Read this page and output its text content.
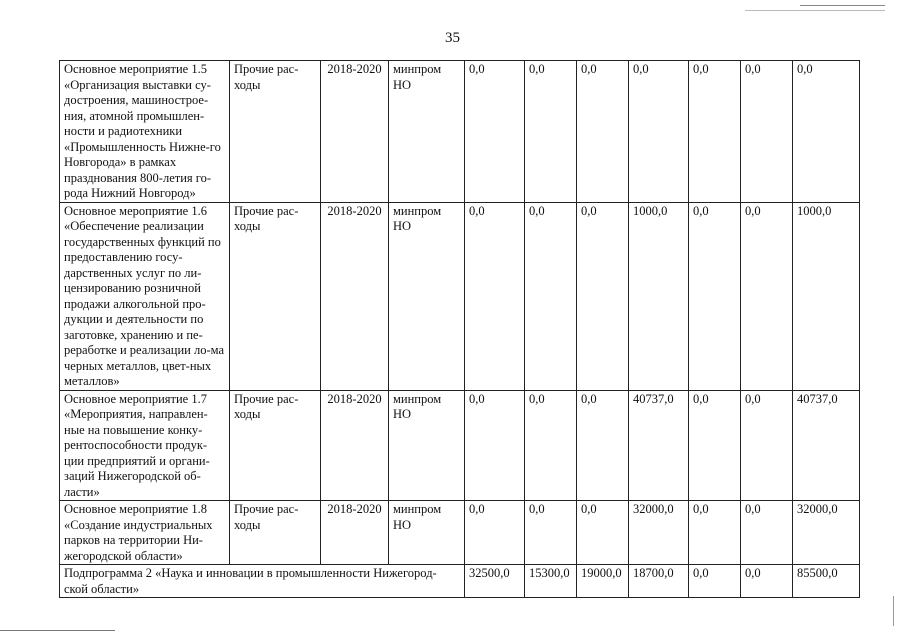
35
Основное мероприятие 1.5 «Организация выставки су-достроения, машинострое-ния, атомной промышлен-ности и радиотехники «Промышленность Нижне-го Новгорода» в рамках празднования 800-летия го-рода Нижний Новгород»	Прочие рас-ходы	2018-2020	минпром НО	0,0	0,0	0,0	0,0	0,0	0,0	0,0
Основное мероприятие 1.6 «Обеспечение реализации государственных функций по предоставлению госу-дарственных услуг по ли-цензированию розничной продажи алкогольной про-дукции и деятельности по заготовке, хранению и пе-реработке и реализации ло-ма черных металлов, цвет-ных металлов»	Прочие рас-ходы	2018-2020	минпром НО	0,0	0,0	0,0	1000,0	0,0	0,0	1000,0
Основное мероприятие 1.7 «Мероприятия, направлен-ные на повышение конку-рентоспособности продук-ции предприятий и органи-заций Нижегородской об-ласти»	Прочие рас-ходы	2018-2020	минпром НО	0,0	0,0	0,0	40737,0	0,0	0,0	40737,0
Основное мероприятие 1.8 «Создание индустриальных парков на территории Ни-жегородской области»	Прочие рас-ходы	2018-2020	минпром НО	0,0	0,0	0,0	32000,0	0,0	0,0	32000,0
Подпрограмма 2 «Наука и инновации в промышленности Нижегород-ской области»				32500,0	15300,0	19000,0	18700,0	0,0	0,0	85500,0
